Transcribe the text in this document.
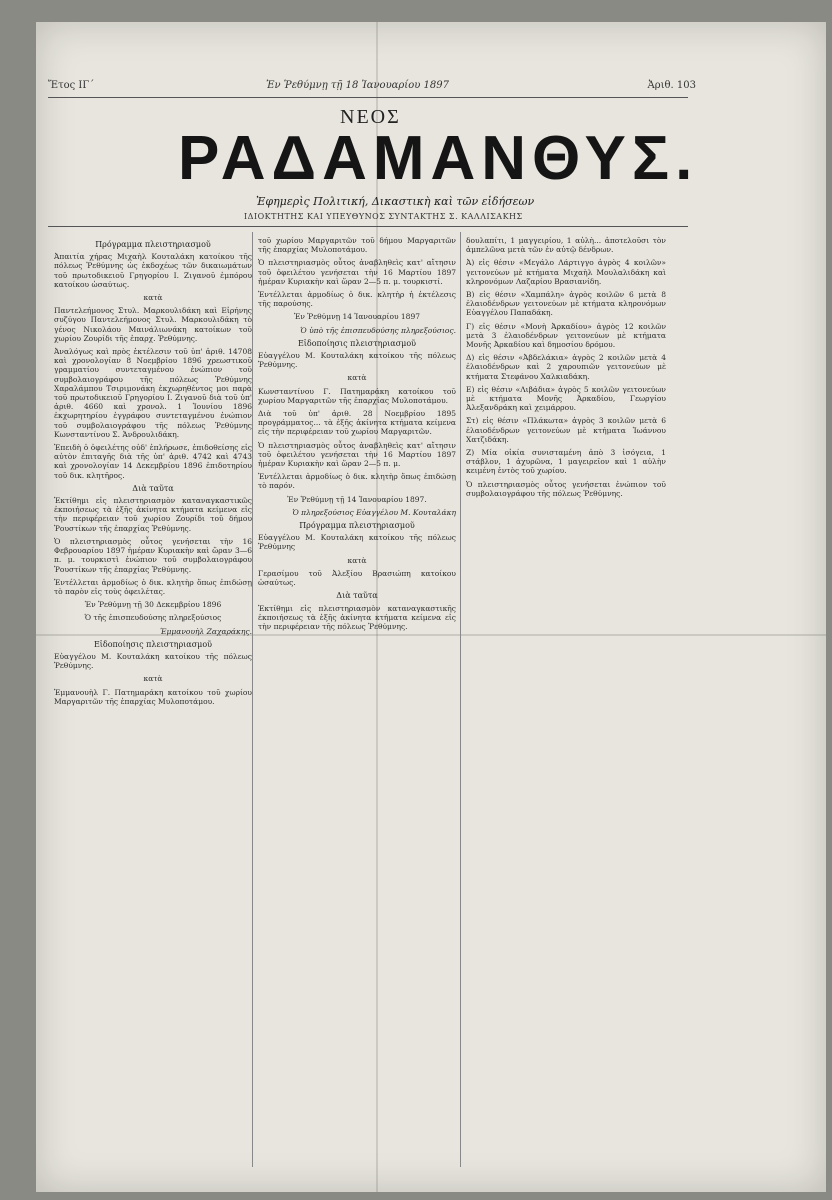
Ἔτος ΙΓ΄	Ἐν Ῥεθύμνῃ τῇ 18 Ἰανουαρίου 1897	Ἀριθ. 103
ΝΕΟΣ
ΡΑΔΑΜΑΝΘΥΣ.
Ἐφημερὶς Πολιτική, Δικαστικὴ καὶ τῶν εἰδήσεων
ΙΔΙΟΚΤΗΤΗΣ ΚΑΙ ΥΠΕΥΘΥΝΟΣ ΣΥΝΤΑΚΤΗΣ Σ. ΚΑΛΛΙΣΑΚΗΣ
Πρόγραμμα πλειστηριασμοῦ

Ἀπαιτία χήρας Μιχαὴλ Κουταλάκη κατοίκου τῆς πόλεως Ῥεθύμνης ὡς ἐκδοχέως τῶν δικαιωμάτων τοῦ πρωτοδικειοῦ Γρηγορίου Ι. Ζιγανοῦ ἐμπόρου κατοίκου ὡσαύτως.

κατὰ

Παντελεήμονος Στυλ. Μαρκουλιδάκη καὶ Εἰρήνης συζύγου Παντελεήμονος Στυλ. Μαρκουλιδάκη τὸ γένος Νικολάου Μαινάλιωνάκη κατοίκων τοῦ χωρίου Ζουρίδι τῆς ἐπαρχ. Ῥεθύμνης.

Ἀναλόγως καὶ πρὸς ἐκτέλεσιν τοῦ ὑπ' ἀριθ. 14708 καὶ χρονολογίαν 8 Νοεμβρίου 1896 χρεωστικοῦ γραμματίου συντεταγμένου ἐνώπιον τοῦ συμβολαιογράφου τῆς πόλεως Ῥεθύμνης Χαραλάμπου Τσιριμονάκη ἐκχωρηθέντος μοι παρὰ τοῦ πρωτοδικειοῦ Γρηγορίου Ι. Ζιγανοῦ διὰ τοῦ ὑπ' ἀριθ. 4660 καὶ χρονολ. 1 Ἰουνίου 1896 ἐκχωρητηρίου ἐγγράφου συντεταγμένου ἐνώπιον τοῦ συμβολαιογράφου τῆς πόλεως Ῥεθύμνης Κωνσταντίνου Σ. Ἀνδρουλιδάκη.

Ἐπειδὴ ὁ ὀφειλέτης οὐδ' ἐπλήρωσε, ἐπιδοθείσης εἰς αὐτὸν ἐπιταγῆς διὰ τῆς ὑπ' ἀριθ. 4742 καὶ 4743 καὶ χρονολογίαν 14 Δεκεμβρίου 1896 ἐπιδοτηρίου τοῦ δικ. κλητῆρος.

Διὰ ταῦτα

Ἐκτίθημι εἰς πλειστηριασμὸν καταναγκαστικῶς ἐκποιήσεως τὰ ἑξῆς ἀκίνητα κτήματα κείμενα εἰς τὴν περιφέρειαν τοῦ χωρίου Ζουρίδι τοῦ δήμου Ῥουστίκων τῆς ἐπαρχίας Ῥεθύμνης.

Ὁ πλειστηριασμὸς οὗτος γενήσεται τὴν 16 Φεβρουαρίου 1897 ἡμέραν Κυριακὴν καὶ ὥραν 3—6 π. μ. τουρκιστὶ ἐνώπιον τοῦ συμβολαιογράφου Ῥουστίκων τῆς ἐπαρχίας Ῥεθύμνης.

Ἐντέλλεται ἁρμοδίως ὁ δικ. κλητὴρ ὅπως ἐπιδώσῃ τὸ παρὸν εἰς τοὺς ὀφειλέτας.

Ἐν Ῥεθύμνῃ τῇ 30 Δεκεμβρίου 1896

Ὁ τῆς ἐπισπευδούσης πληρεξούσιος

Ἐμμανουὴλ Ζαχαράκης.

Εἰδοποίησις πλειστηριασμοῦ

Εὐαγγέλου Μ. Κουταλάκη κατοίκου τῆς πόλεως Ῥεθύμνης.

κατὰ

Ἐμμανουὴλ Γ. Πατημαράκη κατοίκου τοῦ χωρίου Μαργαριτῶν τῆς ἐπαρχίας Μυλοποτάμου.

τοῦ χωρίου Μαργαριτῶν τοῦ δήμου Μαργαριτῶν τῆς ἐπαρχίας Μυλοποτάμου.

Ὁ πλειστηριασμὸς οὗτος ἀναβληθεὶς κατ' αἴτησιν τοῦ ὀφειλέτου γενήσεται τὴν 16 Μαρτίου 1897 ἡμέραν Κυριακὴν καὶ ὥραν 2—5 π. μ. τουρκιστί.

Ἐντέλλεται ἁρμοδίως ὁ δικ. κλητὴρ ἡ ἐκτέλεσις τῆς παρούσης.

Ἐν Ῥεθύμνῃ 14 Ἰανουαρίου 1897

Ὁ ὑπὸ τῆς ἐπισπευδούσης πληρεξούσιος.

Εἰδοποίησις πλειστηριασμοῦ

Εὐαγγέλου Μ. Κουταλάκη κατοίκου τῆς πόλεως Ῥεθύμνης.

κατὰ

Κωνσταντίνου Γ. Πατημαράκη κατοίκου τοῦ χωρίου Μαργαριτῶν τῆς ἐπαρχίας Μυλοποτάμου.

Διὰ τοῦ ὑπ' ἀριθ. 28 Νοεμβρίου 1895 προγράμματος... τὰ ἑξῆς ἀκίνητα κτήματα κείμενα εἰς τὴν περιφέρειαν τοῦ χωρίου Μαργαριτῶν.

Ὁ πλειστηριασμὸς οὗτος ἀναβληθεὶς κατ' αἴτησιν τοῦ ὀφειλέτου γενήσεται τὴν 16 Μαρτίου 1897 ἡμέραν Κυριακὴν καὶ ὥραν 2—5 π. μ.

Ἐντέλλεται ἁρμοδίως ὁ δικ. κλητὴρ ὅπως ἐπιδώσῃ τὸ παρόν.

Ἐν Ῥεθύμνῃ τῇ 14 Ἰανουαρίου 1897.

Ὁ πληρεξούσιος Εὐαγγέλου Μ. Κουταλάκη

Πρόγραμμα πλειστηριασμοῦ

Εὐαγγέλου Μ. Κουταλάκη κατοίκου τῆς πόλεως Ῥεθύμνης

κατὰ

Γερασίμου τοῦ Ἀλεξίου Βρασιώπη κατοίκου ὡσαύτως.

Διὰ ταῦτα

Ἐκτίθημι εἰς πλειστηριασμὸν καταναγκαστικῆς ἐκποιήσεως τὰ ἑξῆς ἀκίνητα κτήματα κείμενα εἰς τὴν περιφέρειαν τῆς πόλεως Ῥεθύμνης.

δουλαπίτι, 1 μαγγειρίου, 1 αὐλὴ... ἀποτελοῦσι τὸν ἀμπελῶνα μετὰ τῶν ἐν αὐτῷ δένδρων.

Ἀ) εἰς θέσιν «Μεγάλο Λάρτιγγο ἀγρὸς 4 κοιλῶν» γειτονεύων μὲ κτήματα Μιχαὴλ Μουλαλιδάκη καὶ κληρονόμων Λαζαρίου Βρασιανίδη.

Β) εἰς θέσιν «Χαμπάλη» ἀγρὸς κοιλῶν 6 μετὰ 8 ἐλαιοδένδρων γειτονεύων μὲ κτήματα κληρονόμων Εὐαγγέλου Παπαδάκη.

Γ) εἰς θέσιν «Μονὴ Ἀρκαδίου» ἀγρὸς 12 κοιλῶν μετὰ 3 ἐλαιοδένδρων γειτονεύων μὲ κτήματα Μονῆς Ἀρκαδίου καὶ δημοσίου δρόμου.

Δ) εἰς θέσιν «Ἀβδελάκια» ἀγρὸς 2 κοιλῶν μετὰ 4 ἐλαιοδένδρων καὶ 2 χαρουπιῶν γειτονεύων μὲ κτήματα Στεφάνου Χαλκιαδάκη.

Ε) εἰς θέσιν «Λιβάδια» ἀγρὸς 5 κοιλῶν γειτονεύων μὲ κτήματα Μονῆς Ἀρκαδίου, Γεωργίου Ἀλεξανδράκη καὶ χειμάρρου.

Στ) εἰς θέσιν «Πλάκωτα» ἀγρὸς 3 κοιλῶν μετὰ 6 ἐλαιοδένδρων γειτονεύων μὲ κτήματα Ἰωάννου Χατζιδάκη.

Ζ) Μία οἰκία συνισταμένη ἀπὸ 3 ἰσόγεια, 1 στάβλον, 1 ἀχυρῶνα, 1 μαγειρεῖον καὶ 1 αὐλὴν κειμένη ἐντὸς τοῦ χωρίου.

Ὁ πλειστηριασμὸς οὗτος γενήσεται ἐνώπιον τοῦ συμβολαιογράφου τῆς πόλεως Ῥεθύμνης.
